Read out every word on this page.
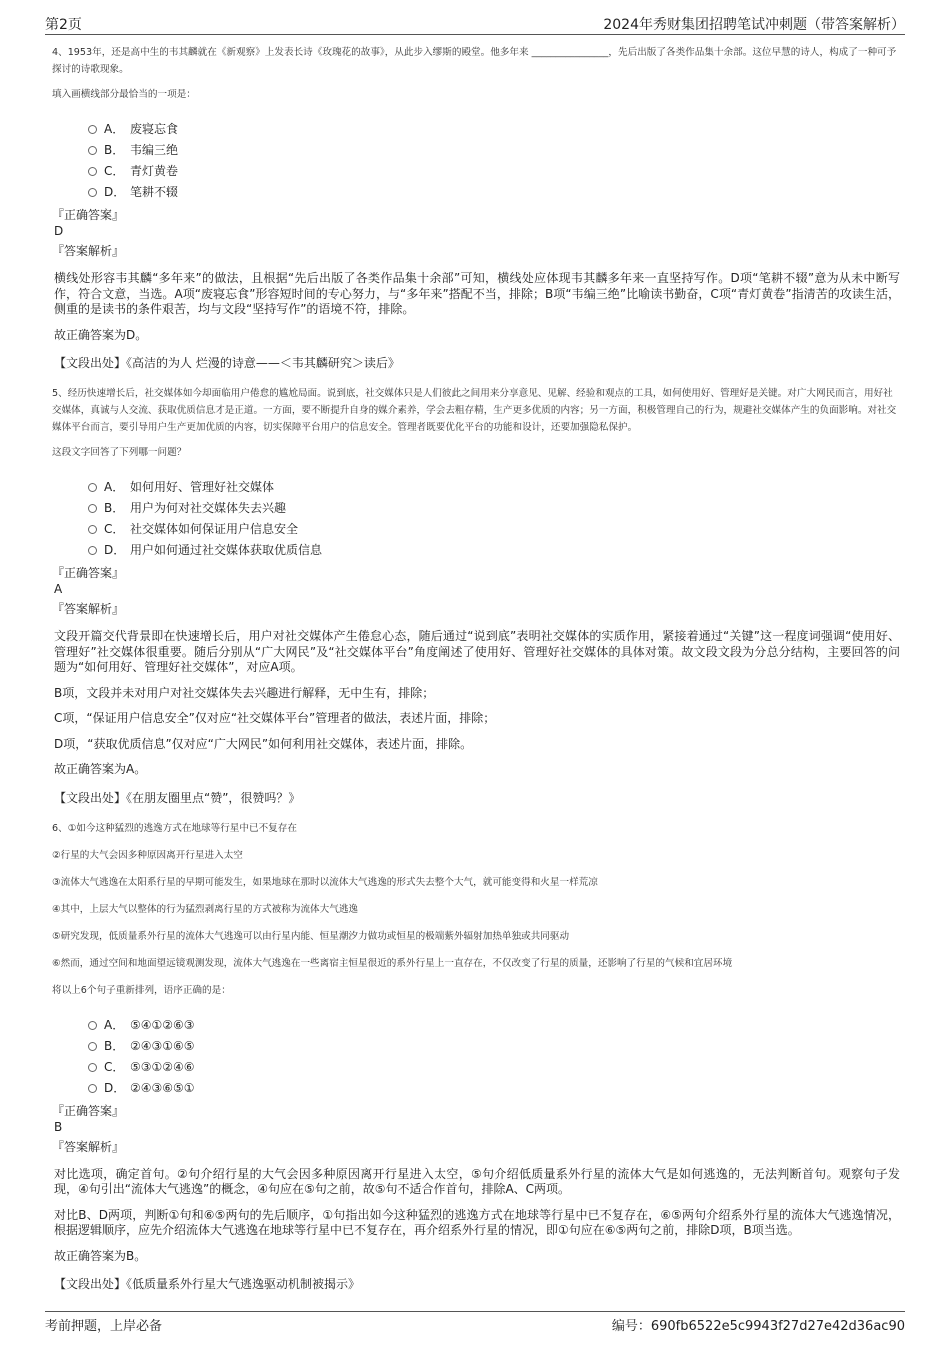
第2页	2024年秀财集团招聘笔试冲刺题（带答案解析）

4、1953年，还是高中生的韦其麟就在《新观察》上发表长诗《玫瑰花的故事》，从此步入缪斯的殿堂。他多年来 ________________，先后出版了各类作品集十余部。这位早慧的诗人，构成了一种可予探讨的诗歌现象。

填入画横线部分最恰当的一项是：

A． 废寝忘食
B． 韦编三绝
C． 青灯黄卷
D． 笔耕不辍
『正确答案』
D
『答案解析』

横线处形容韦其麟“多年来”的做法，且根据“先后出版了各类作品集十余部”可知，横线处应体现韦其麟多年来一直坚持写作。D项“笔耕不辍”意为从未中断写作，符合文意，当选。A项“废寝忘食”形容短时间的专心努力，与“多年来”搭配不当，排除；B项“韦编三绝”比喻读书勤奋，C项“青灯黄卷”指清苦的攻读生活，侧重的是读书的条件艰苦，均与文段“坚持写作”的语境不符，排除。

故正确答案为D。

【文段出处】《高洁的为人 烂漫的诗意——＜韦其麟研究＞读后》

5、经历快速增长后，社交媒体如今却面临用户倦怠的尴尬局面。说到底，社交媒体只是人们彼此之间用来分享意见、见解、经验和观点的工具，如何使用好、管理好是关键。对广大网民而言，用好社交媒体，真诚与人交流、获取优质信息才是正道。一方面，要不断提升自身的媒介素养，学会去粗存精，生产更多优质的内容；另一方面，积极管理自己的行为，规避社交媒体产生的负面影响。对社交媒体平台而言，要引导用户生产更加优质的内容，切实保障平台用户的信息安全。管理者既要优化平台的功能和设计，还要加强隐私保护。

这段文字回答了下列哪一问题？

A． 如何用好、管理好社交媒体
B． 用户为何对社交媒体失去兴趣
C． 社交媒体如何保证用户信息安全
D． 用户如何通过社交媒体获取优质信息
『正确答案』
A
『答案解析』

文段开篇交代背景即在快速增长后，用户对社交媒体产生倦怠心态，随后通过“说到底”表明社交媒体的实质作用，紧接着通过“关键”这一程度词强调“使用好、管理好”社交媒体很重要。随后分别从“广大网民”及“社交媒体平台”角度阐述了使用好、管理好社交媒体的具体对策。故文段文段为分总分结构，主要回答的问题为“如何用好、管理好社交媒体”，对应A项。

B项，文段并未对用户对社交媒体失去兴趣进行解释，无中生有，排除；

C项，“保证用户信息安全”仅对应“社交媒体平台”管理者的做法，表述片面，排除；

D项，“获取优质信息”仅对应“广大网民”如何利用社交媒体，表述片面，排除。

故正确答案为A。

【文段出处】《在朋友圈里点“赞”，很赞吗？》

6、①如今这种猛烈的逃逸方式在地球等行星中已不复存在

②行星的大气会因多种原因离开行星进入太空

③流体大气逃逸在太阳系行星的早期可能发生，如果地球在那时以流体大气逃逸的形式失去整个大气，就可能变得和火星一样荒凉

④其中，上层大气以整体的行为猛烈剥离行星的方式被称为流体大气逃逸

⑤研究发现，低质量系外行星的流体大气逃逸可以由行星内能、恒星潮汐力做功或恒星的极端紫外辐射加热单独或共同驱动

⑥然而，通过空间和地面望远镜观测发现，流体大气逃逸在一些离宿主恒星很近的系外行星上一直存在，不仅改变了行星的质量，还影响了行星的气候和宜居环境

将以上6个句子重新排列，语序正确的是：

A． ⑤④①②⑥③
B． ②④③①⑥⑤
C． ⑤③①②④⑥
D． ②④③⑥⑤①
『正确答案』
B
『答案解析』

对比选项，确定首句。②句介绍行星的大气会因多种原因离开行星进入太空，⑤句介绍低质量系外行星的流体大气是如何逃逸的，无法判断首句。观察句子发现，④句引出“流体大气逃逸”的概念，④句应在⑤句之前，故⑤句不适合作首句，排除A、C两项。

对比B、D两项，判断①句和⑥⑤两句的先后顺序，①句指出如今这种猛烈的逃逸方式在地球等行星中已不复存在，⑥⑤两句介绍系外行星的流体大气逃逸情况，根据逻辑顺序，应先介绍流体大气逃逸在地球等行星中已不复存在，再介绍系外行星的情况，即①句应在⑥⑤两句之前，排除D项，B项当选。

故正确答案为B。

【文段出处】《低质量系外行星大气逃逸驱动机制被揭示》

考前押题，上岸必备	编号：690fb6522e5c9943f27d27e42d36ac90
